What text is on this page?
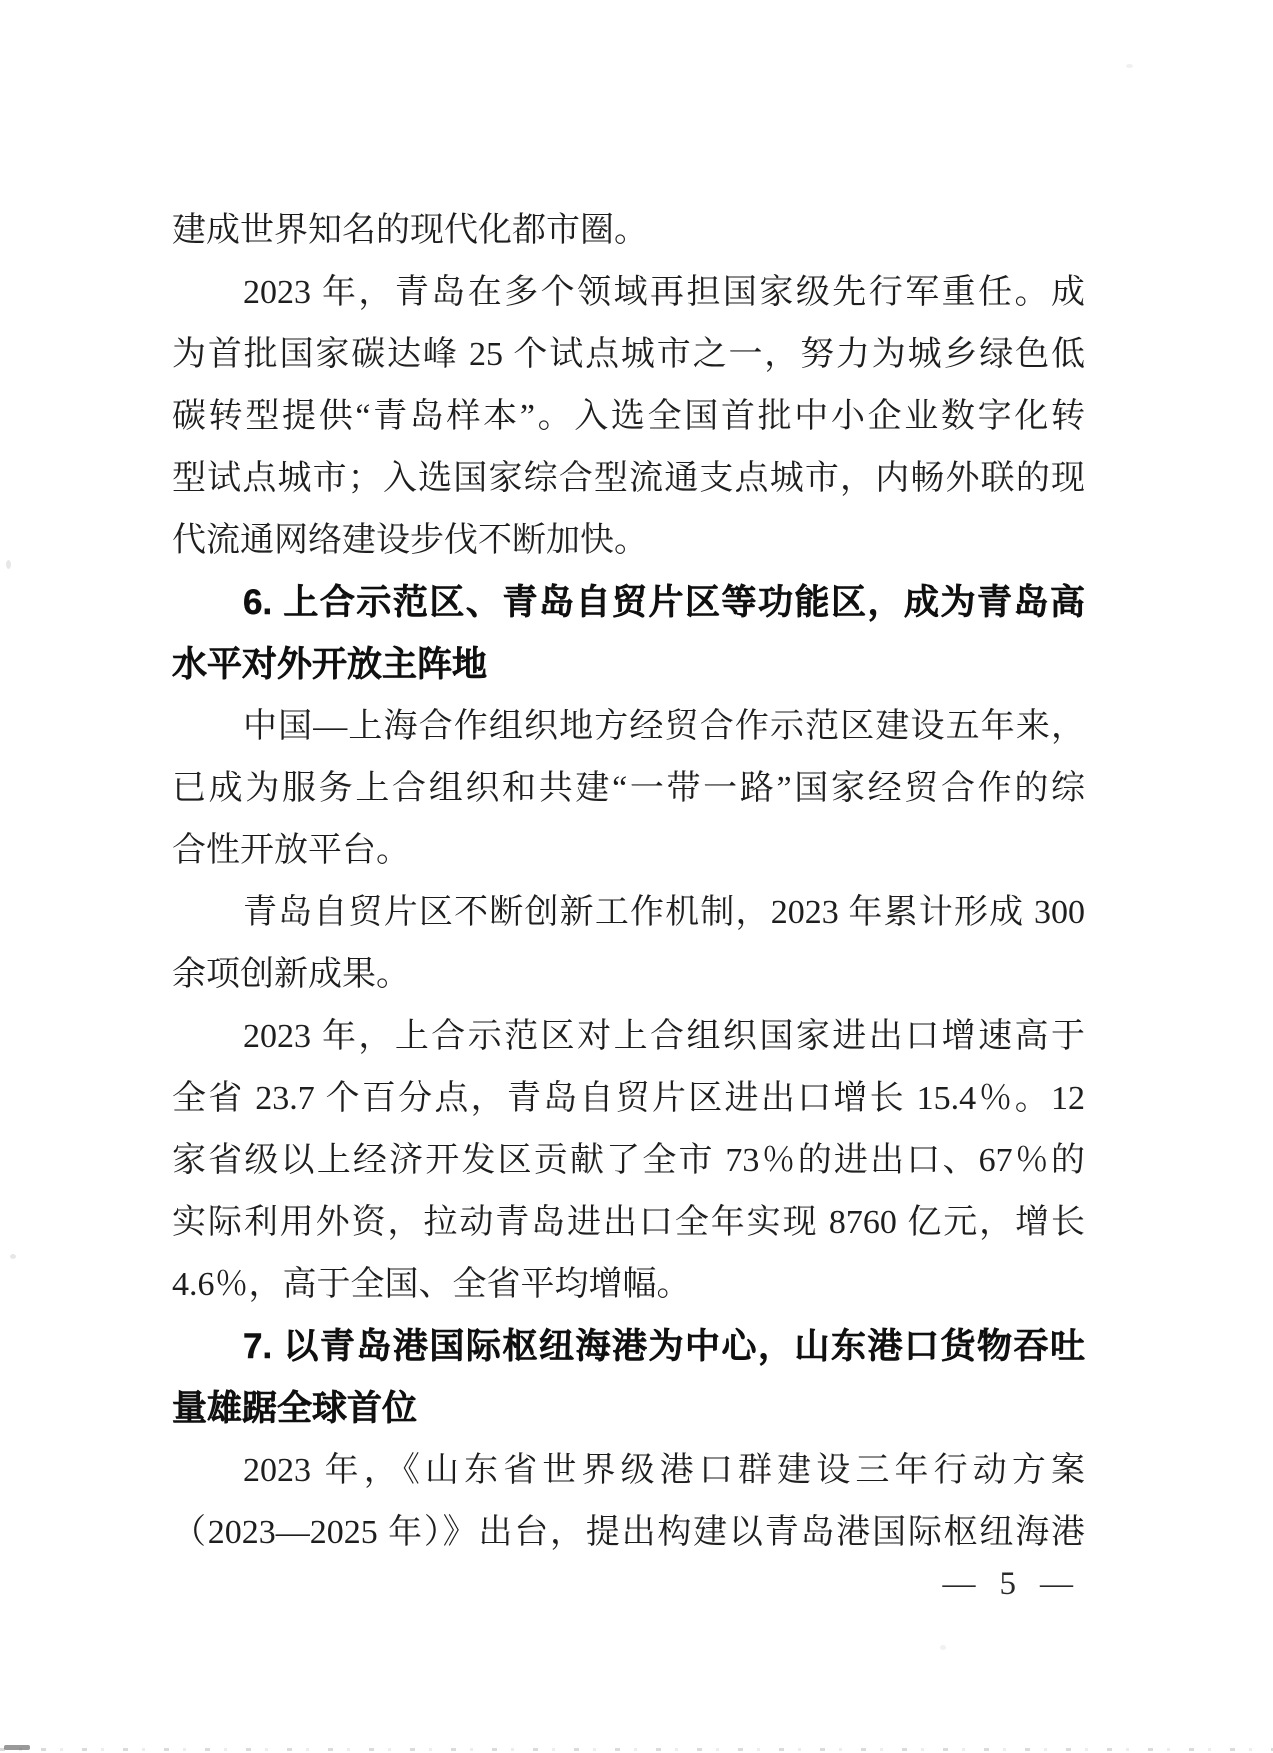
建成世界知名的现代化都市圈。
2023 年，青岛在多个领域再担国家级先行军重任。成
为首批国家碳达峰 25 个试点城市之一，努力为城乡绿色低
碳转型提供“青岛样本”。入选全国首批中小企业数字化转
型试点城市；入选国家综合型流通支点城市，内畅外联的现
代流通网络建设步伐不断加快。
6. 上合示范区、青岛自贸片区等功能区，成为青岛高
水平对外开放主阵地
中国—上海合作组织地方经贸合作示范区建设五年来，
已成为服务上合组织和共建“一带一路”国家经贸合作的综
合性开放平台。
青岛自贸片区不断创新工作机制，2023 年累计形成 300
余项创新成果。
2023 年，上合示范区对上合组织国家进出口增速高于
全省 23.7 个百分点，青岛自贸片区进出口增长 15.4％。12
家省级以上经济开发区贡献了全市 73％的进出口、67％的
实际利用外资，拉动青岛进出口全年实现 8760 亿元，增长
4.6％，高于全国、全省平均增幅。
7. 以青岛港国际枢纽海港为中心，山东港口货物吞吐
量雄踞全球首位
2023 年，《山东省世界级港口群建设三年行动方案
（2023—2025 年）》出台，提出构建以青岛港国际枢纽海港
— 5 —
